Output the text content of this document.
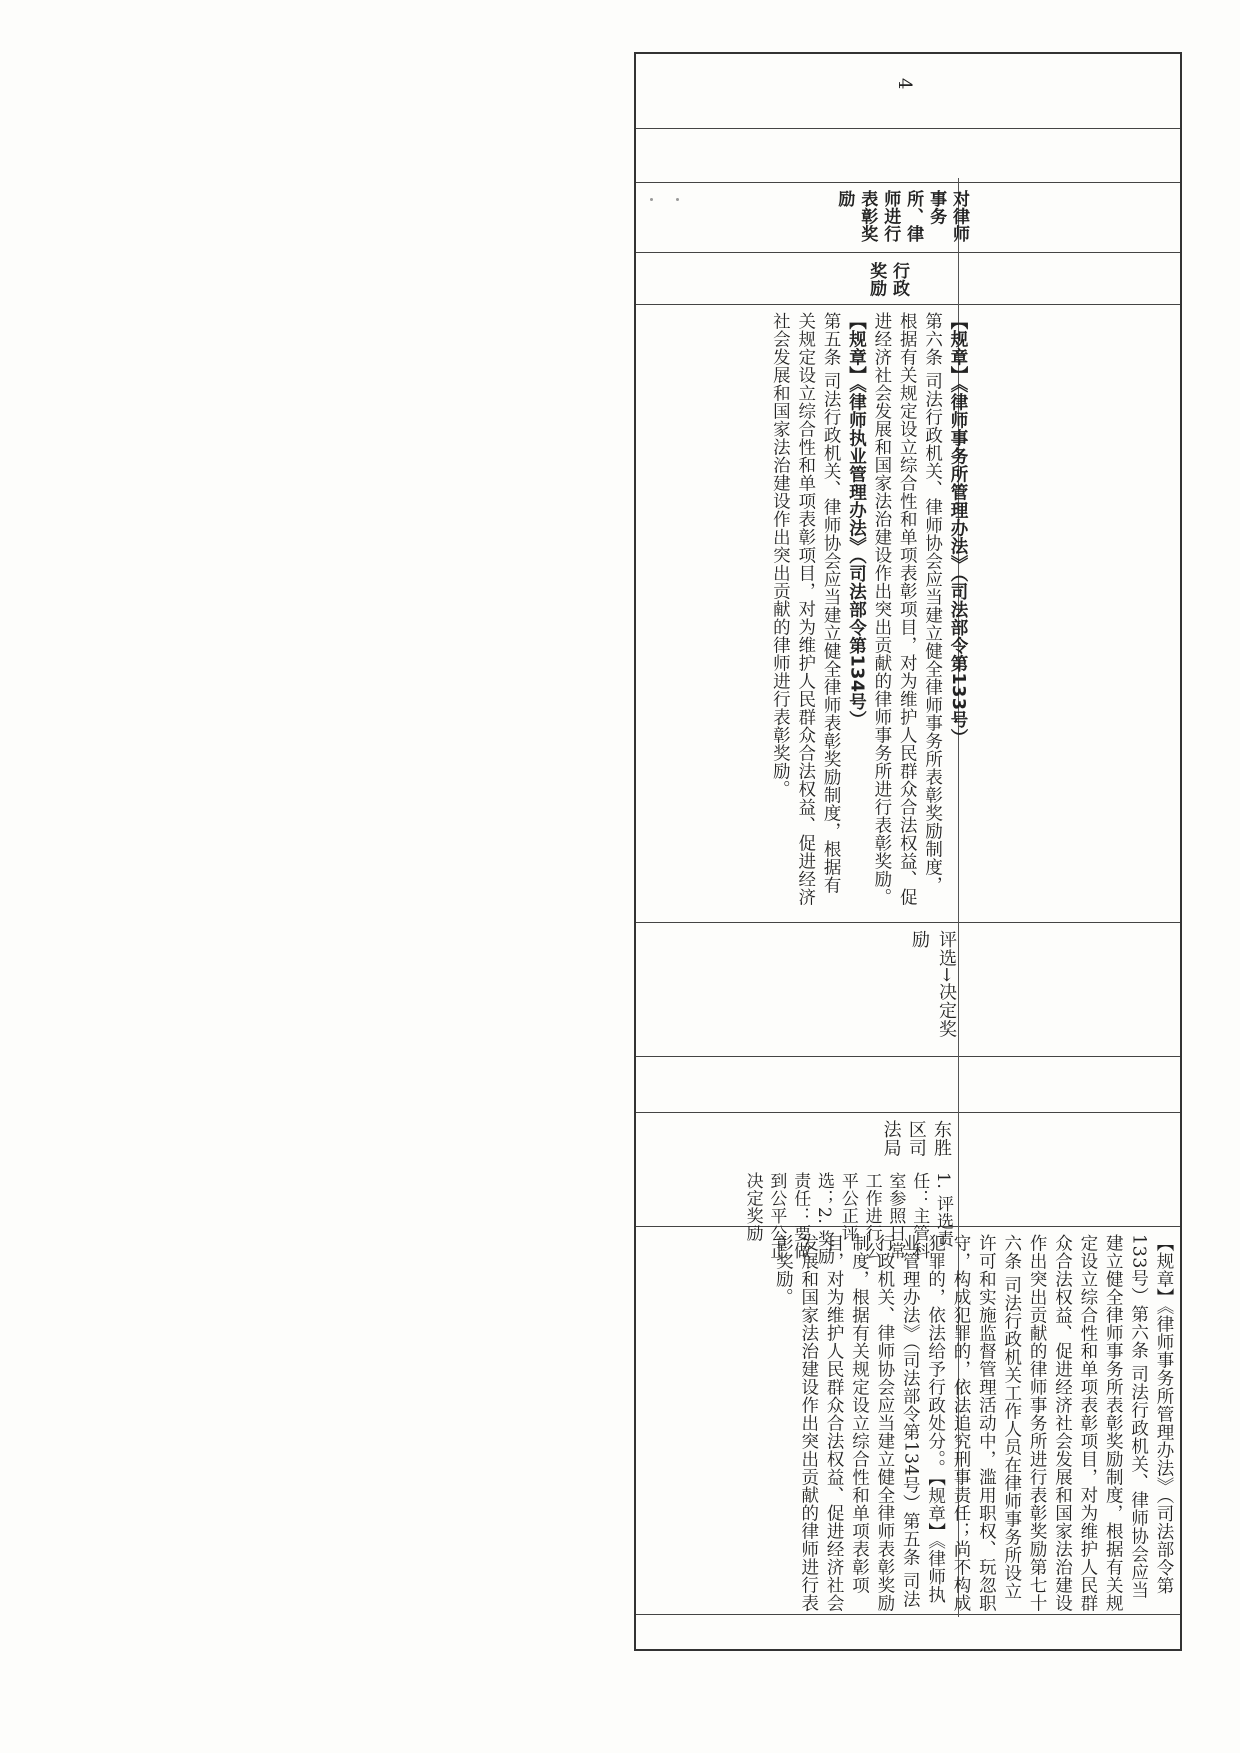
4
对律师事务所、律师进行表彰奖励
行政奖励
【规章】《律师事务所管理办法》（司法部令第133号）
第六条 司法行政机关、律师协会应当建立健全律师事务所表彰奖励制度，根据有关规定设立综合性和单项表彰项目，对为维护人民群众合法权益、促进经济社会发展和国家法治建设作出突出贡献的律师事务所进行表彰奖励。
【规章】《律师执业管理办法》（司法部令第134号）
第五条 司法行政机关、律师协会应当建立健全律师表彰奖励制度，根据有关规定设立综合性和单项表彰项目，对为维护人民群众合法权益、促进经济社会发展和国家法治建设作出突出贡献的律师进行表彰奖励。
评选→决定奖励
东胜区司法局
1. 评选责任：主管科室参照日常工作进行公平公正评选；2. 奖励责任：要做到公平公正决定奖励
【规章】《律师事务所管理办法》（司法部令第133号）第六条 司法行政机关、律师协会应当建立健全律师事务所表彰奖励制度，根据有关规定设立综合性和单项表彰项目，对为维护人民群众合法权益、促进经济社会发展和国家法治建设作出突出贡献的律师事务所进行表彰奖励第七十六条 司法行政机关工作人员在律师事务所设立许可和实施监督管理活动中，滥用职权、玩忽职守，构成犯罪的，依法追究刑事责任；尚不构成犯罪的，依法给予行政处分。。【规章】《律师执业管理办法》（司法部令第134号）第五条 司法行政机关、律师协会应当建立健全律师表彰奖励制度，根据有关规定设立综合性和单项表彰项目，对为维护人民群众合法权益、促进经济社会发展和国家法治建设作出突出贡献的律师进行表彰奖励。
